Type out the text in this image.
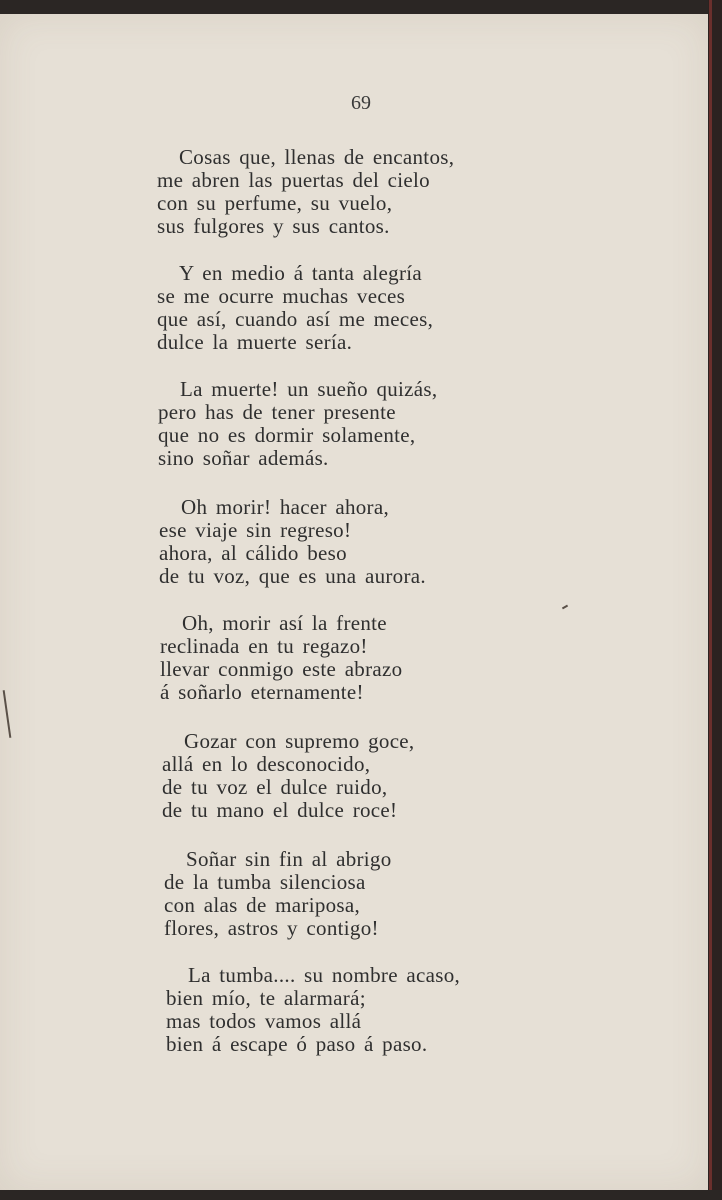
69
Cosas que, llenas de encantos,
me abren las puertas del cielo
con su perfume, su vuelo,
sus fulgores y sus cantos.
Y en medio á tanta alegría
se me ocurre muchas veces
que así, cuando así me meces,
dulce la muerte sería.
La muerte! un sueño quizás,
pero has de tener presente
que no es dormir solamente,
sino soñar además.
Oh morir! hacer ahora,
ese viaje sin regreso!
ahora, al cálido beso
de tu voz, que es una aurora.
Oh, morir así la frente
reclinada en tu regazo!
llevar conmigo este abrazo
á soñarlo eternamente!
Gozar con supremo goce,
allá en lo desconocido,
de tu voz el dulce ruido,
de tu mano el dulce roce!
Soñar sin fin al abrigo
de la tumba silenciosa
con alas de mariposa,
flores, astros y contigo!
La tumba.... su nombre acaso,
bien mío, te alarmará;
mas todos vamos allá
bien á escape ó paso á paso.
